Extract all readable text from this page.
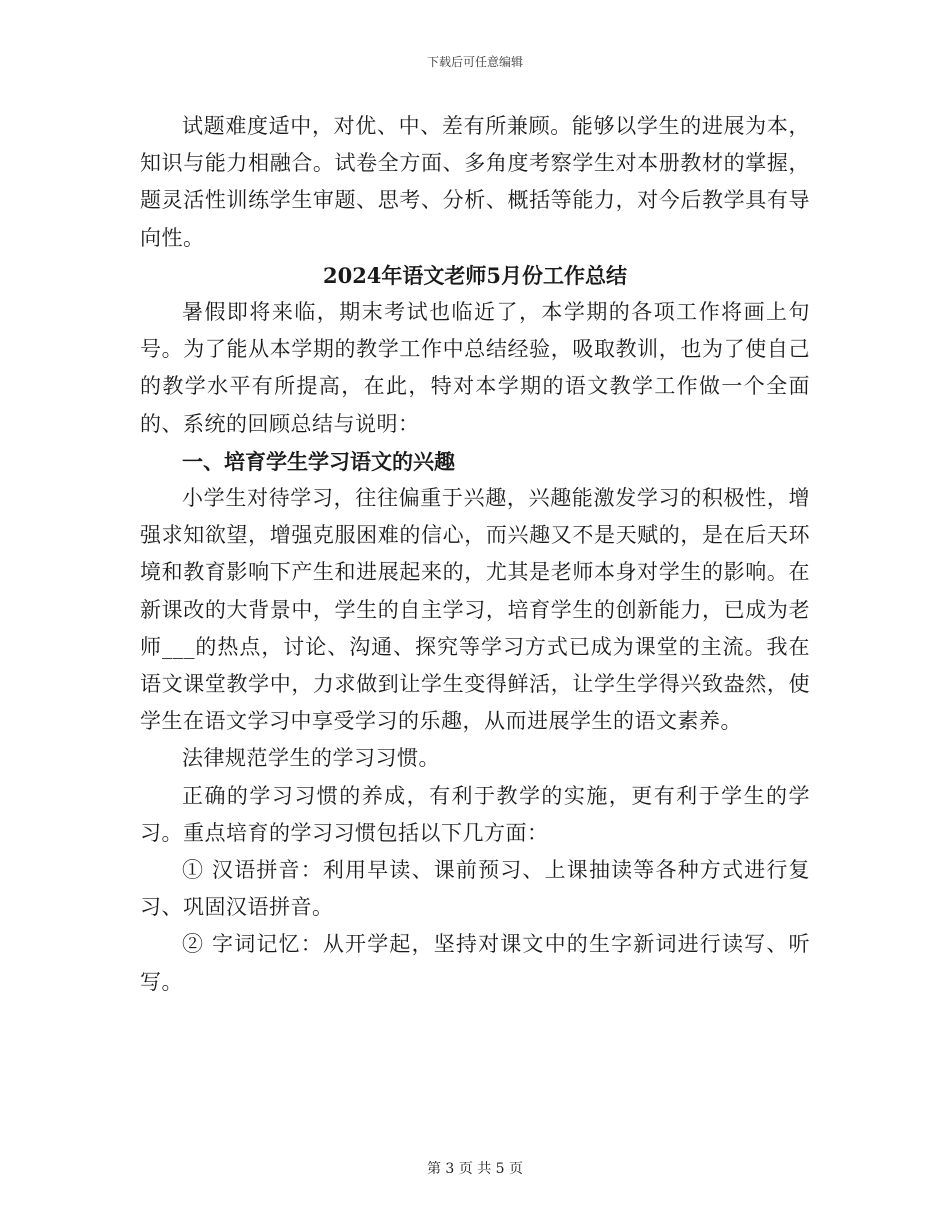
下载后可任意编辑

试题难度适中，对优、中、差有所兼顾。能够以学生的进展为本，知识与能力相融合。试卷全方面、多角度考察学生对本册教材的掌握，题灵活性训练学生审题、思考、分析、概括等能力，对今后教学具有导向性。

2024年语文老师5月份工作总结

暑假即将来临，期末考试也临近了，本学期的各项工作将画上句号。为了能从本学期的教学工作中总结经验，吸取教训，也为了使自己的教学水平有所提高，在此，特对本学期的语文教学工作做一个全面的、系统的回顾总结与说明：

一、培育学生学习语文的兴趣

小学生对待学习，往往偏重于兴趣，兴趣能激发学习的积极性，增强求知欲望，增强克服困难的信心，而兴趣又不是天赋的，是在后天环境和教育影响下产生和进展起来的，尤其是老师本身对学生的影响。在新课改的大背景中，学生的自主学习，培育学生的创新能力，已成为老师___的热点，讨论、沟通、探究等学习方式已成为课堂的主流。我在语文课堂教学中，力求做到让学生变得鲜活，让学生学得兴致盎然，使学生在语文学习中享受学习的乐趣，从而进展学生的语文素养。

法律规范学生的学习习惯。

正确的学习习惯的养成，有利于教学的实施，更有利于学生的学习。重点培育的学习习惯包括以下几方面：

① 汉语拼音：利用早读、课前预习、上课抽读等各种方式进行复习、巩固汉语拼音。

② 字词记忆：从开学起，坚持对课文中的生字新词进行读写、听写。

第 3 页 共 5 页
